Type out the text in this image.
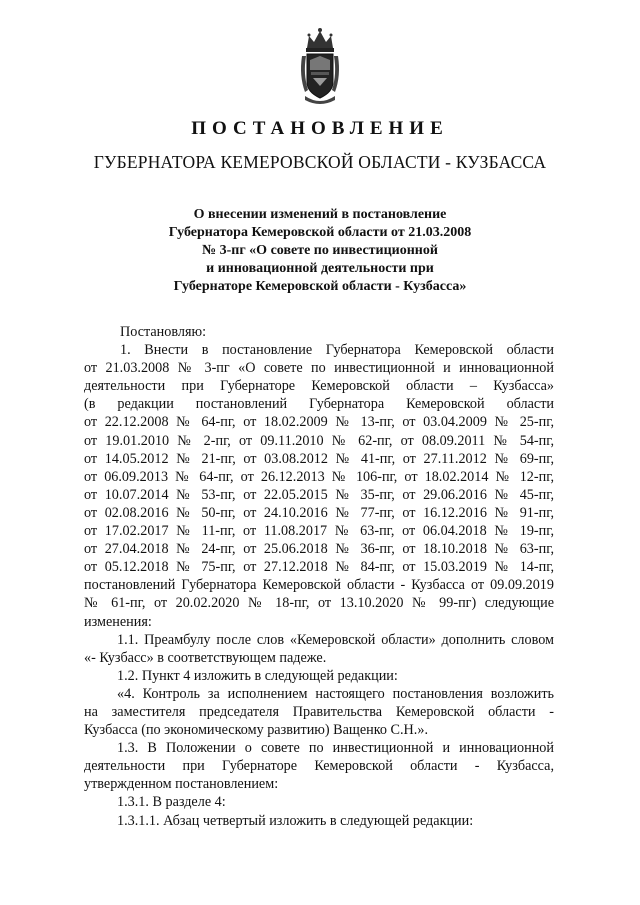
ПОСТАНОВЛЕНИЕ
ГУБЕРНАТОРА КЕМЕРОВСКОЙ ОБЛАСТИ - КУЗБАССА
О внесении изменений в постановление
Губернатора Кемеровской области от 21.03.2008
№ 3-пг «О совете по инвестиционной
и инновационной деятельности при
Губернаторе Кемеровской области - Кузбасса»
Постановляю:
1. Внести в постановление Губернатора Кемеровской области
от 21.03.2008 № 3-пг «О совете по инвестиционной и инновационной
деятельности при Губернаторе Кемеровской области – Кузбасса»
(в редакции постановлений Губернатора Кемеровской области
от 22.12.2008 № 64-пг, от 18.02.2009 № 13-пг, от 03.04.2009 № 25-пг,
от 19.01.2010 № 2-пг, от 09.11.2010 № 62-пг, от 08.09.2011 № 54-пг,
от 14.05.2012 № 21-пг, от 03.08.2012 № 41-пг, от 27.11.2012 № 69-пг,
от 06.09.2013 № 64-пг, от 26.12.2013 № 106-пг, от 18.02.2014 № 12-пг,
от 10.07.2014 № 53-пг, от 22.05.2015 № 35-пг, от 29.06.2016 № 45-пг,
от 02.08.2016 № 50-пг, от 24.10.2016 № 77-пг, от 16.12.2016 № 91-пг,
от 17.02.2017 № 11-пг, от 11.08.2017 № 63-пг, от 06.04.2018 № 19-пг,
от 27.04.2018 № 24-пг, от 25.06.2018 № 36-пг, от 18.10.2018 № 63-пг,
от 05.12.2018 № 75-пг, от 27.12.2018 № 84-пг, от 15.03.2019 № 14-пг,
постановлений Губернатора Кемеровской области - Кузбасса от 09.09.2019
№ 61-пг, от 20.02.2020 № 18-пг, от 13.10.2020 № 99-пг) следующие
изменения:
1.1. Преамбулу после слов «Кемеровской области» дополнить словом
«- Кузбасс» в соответствующем падеже.
1.2. Пункт 4 изложить в следующей редакции:
«4. Контроль за исполнением настоящего постановления возложить
на заместителя председателя Правительства Кемеровской области -
Кузбасса (по экономическому развитию) Ващенко С.Н.».
1.3. В Положении о совете по инвестиционной и инновационной
деятельности при Губернаторе Кемеровской области - Кузбасса,
утвержденном постановлением:
1.3.1. В разделе 4:
1.3.1.1. Абзац четвертый изложить в следующей редакции:
